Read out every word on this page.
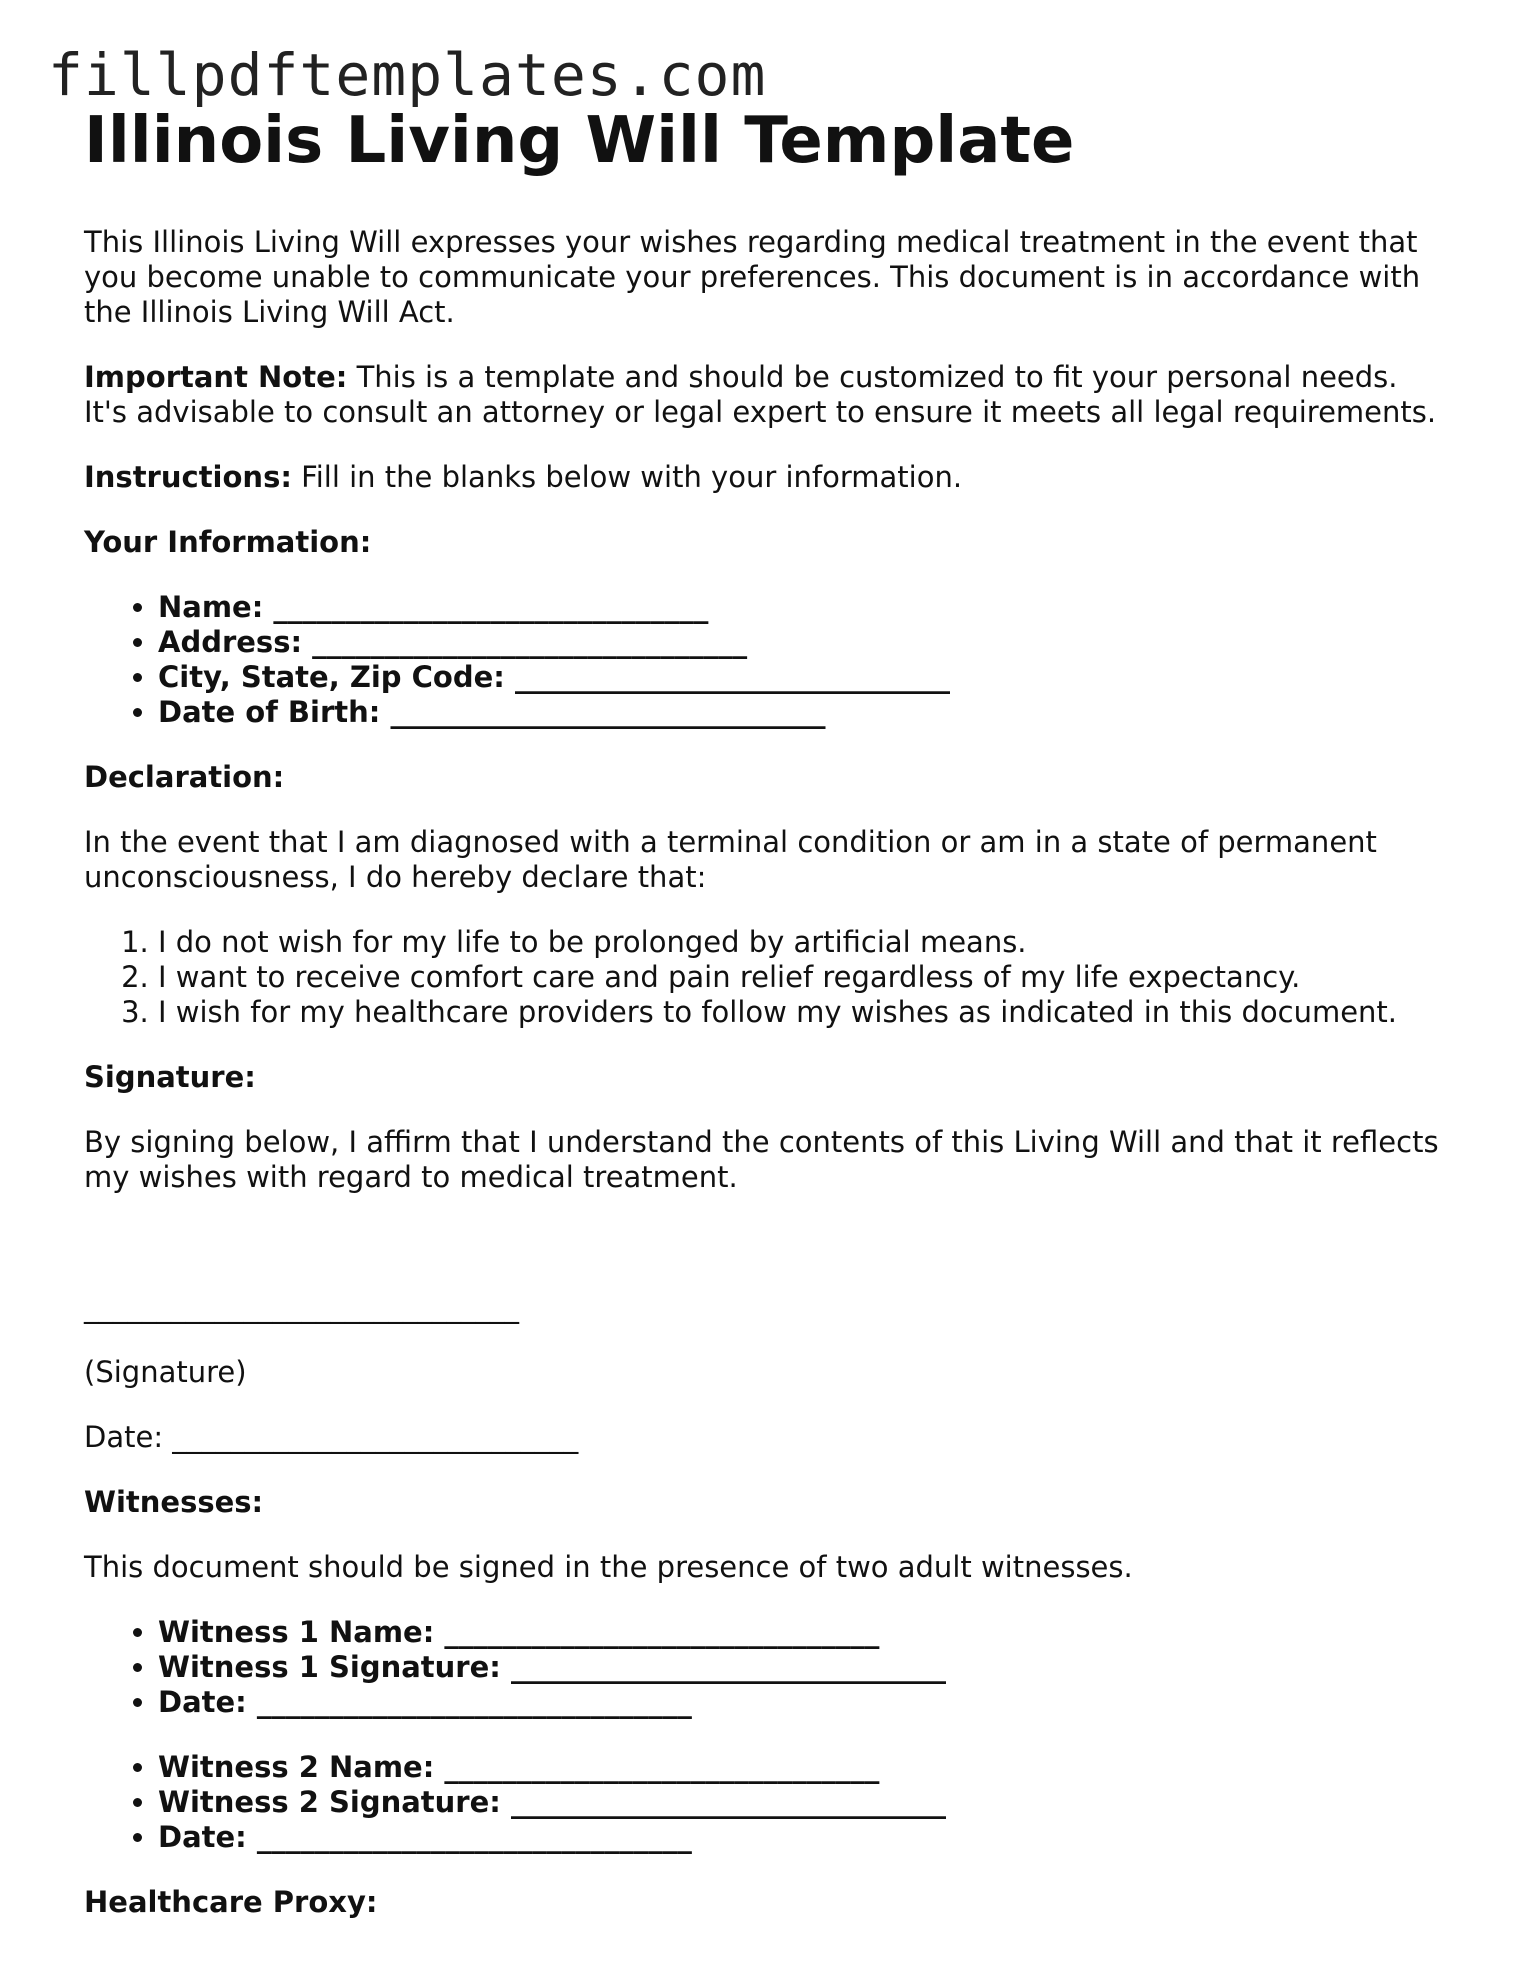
fillpdftemplates.com
Illinois Living Will Template

This Illinois Living Will expresses your wishes regarding medical treatment in the event that you become unable to communicate your preferences. This document is in accordance with the Illinois Living Will Act.

Important Note: This is a template and should be customized to fit your personal needs. It's advisable to consult an attorney or legal expert to ensure it meets all legal requirements.

Instructions: Fill in the blanks below with your information.

Your Information:

• Name: ______________________________
• Address: ______________________________
• City, State, Zip Code: ______________________________
• Date of Birth: ______________________________

Declaration:

In the event that I am diagnosed with a terminal condition or am in a state of permanent unconsciousness, I do hereby declare that:

1. I do not wish for my life to be prolonged by artificial means.
2. I want to receive comfort care and pain relief regardless of my life expectancy.
3. I wish for my healthcare providers to follow my wishes as indicated in this document.

Signature:

By signing below, I affirm that I understand the contents of this Living Will and that it reflects my wishes with regard to medical treatment.

______________________________

(Signature)

Date: ____________________________

Witnesses:

This document should be signed in the presence of two adult witnesses.

• Witness 1 Name: ______________________________
• Witness 1 Signature: ______________________________
• Date: ______________________________
• Witness 2 Name: ______________________________
• Witness 2 Signature: ______________________________
• Date: ______________________________

Healthcare Proxy:
